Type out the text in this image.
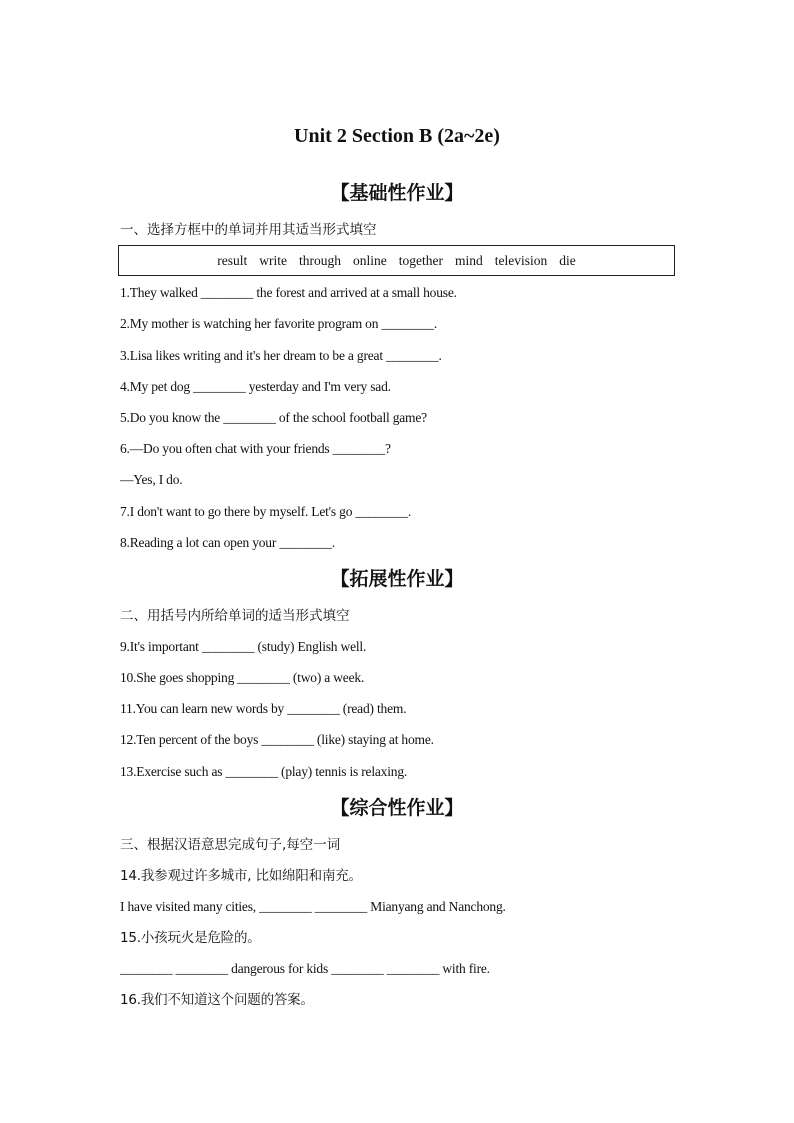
Unit 2 Section B (2a~2e)
【基础性作业】
一、选择方框中的单词并用其适当形式填空
result write through online together mind television die
1.They walked ________ the forest and arrived at a small house.
2.My mother is watching her favorite program on ________.
3.Lisa likes writing and it's her dream to be a great ________.
4.My pet dog ________ yesterday and I'm very sad.
5.Do you know the ________ of the school football game?
6.—Do you often chat with your friends ________?
—Yes, I do.
7.I don't want to go there by myself. Let's go ________.
8.Reading a lot can open your ________.
【拓展性作业】
二、用括号内所给单词的适当形式填空
9.It's important ________ (study) English well.
10.She goes shopping ________ (two) a week.
11.You can learn new words by ________ (read) them.
12.Ten percent of the boys ________ (like) staying at home.
13.Exercise such as ________ (play) tennis is relaxing.
【综合性作业】
三、根据汉语意思完成句子,每空一词
14.我参观过许多城市, 比如绵阳和南充。
I have visited many cities, ________ ________ Mianyang and Nanchong.
15.小孩玩火是危险的。
________ ________ dangerous for kids ________ ________ with fire.
16.我们不知道这个问题的答案。
